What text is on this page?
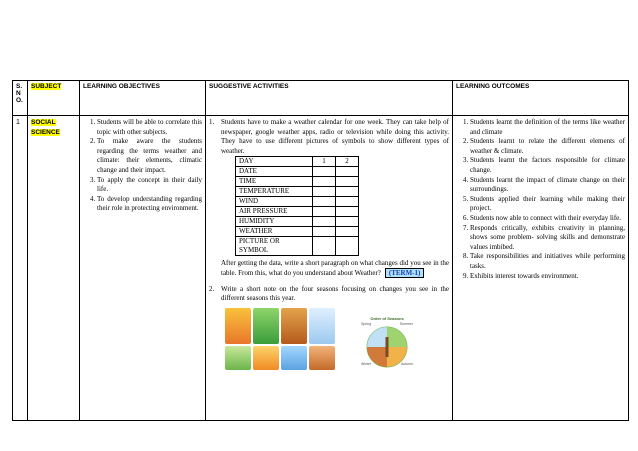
S. N O.	SUBJECT	LEARNING OBJECTIVES	SUGGESTIVE ACTIVITIES	LEARNING OUTCOMES
1	SOCIAL SCIENCE	
1. Students will be able to correlate this topic with other subjects.
2. To make aware the students regarding the terms weather and climate: their elements, climatic change and their impact.
3. To apply the concept in their daily life.
4. To develop understanding regarding their role in protecting environment.

1. Students have to make a weather calendar for one week. They can take help of newspaper, google weather apps, radio or television while doing this activity. They have to use different pictures of symbols to show different types of weather.
DAY	1	2
DATE		
TIME		
TEMPERATURE		
WIND		
AIR PRESSURE		
HUMIDITY		
WEATHER		
PICTURE OR SYMBOL		
After getting the data, write a short paragraph on what changes did you see in the table. From this, what do you understand about Weather? (TERM-1)
2. Write a short note on the four seasons focusing on changes you see in the different seasons this year.
Order of Seasons
Spring	Summer
Autumn
Winter

1. Students learnt the definition of the terms like weather and climate
2. Students learnt to relate the different elements of weather & climate.
3. Students learnt the factors responsible for climate change.
4. Students learnt the impact of climate change on their surroundings.
5. Students applied their learning while making their project.
6. Students now able to connect with their everyday life.
7. Responds critically, exhibits creativity in planning, shows some problem- solving skills and demonstrate values imbibed.
8. Take responsibilities and initiatives while performing tasks.
9. Exhibits interest towards environment.
